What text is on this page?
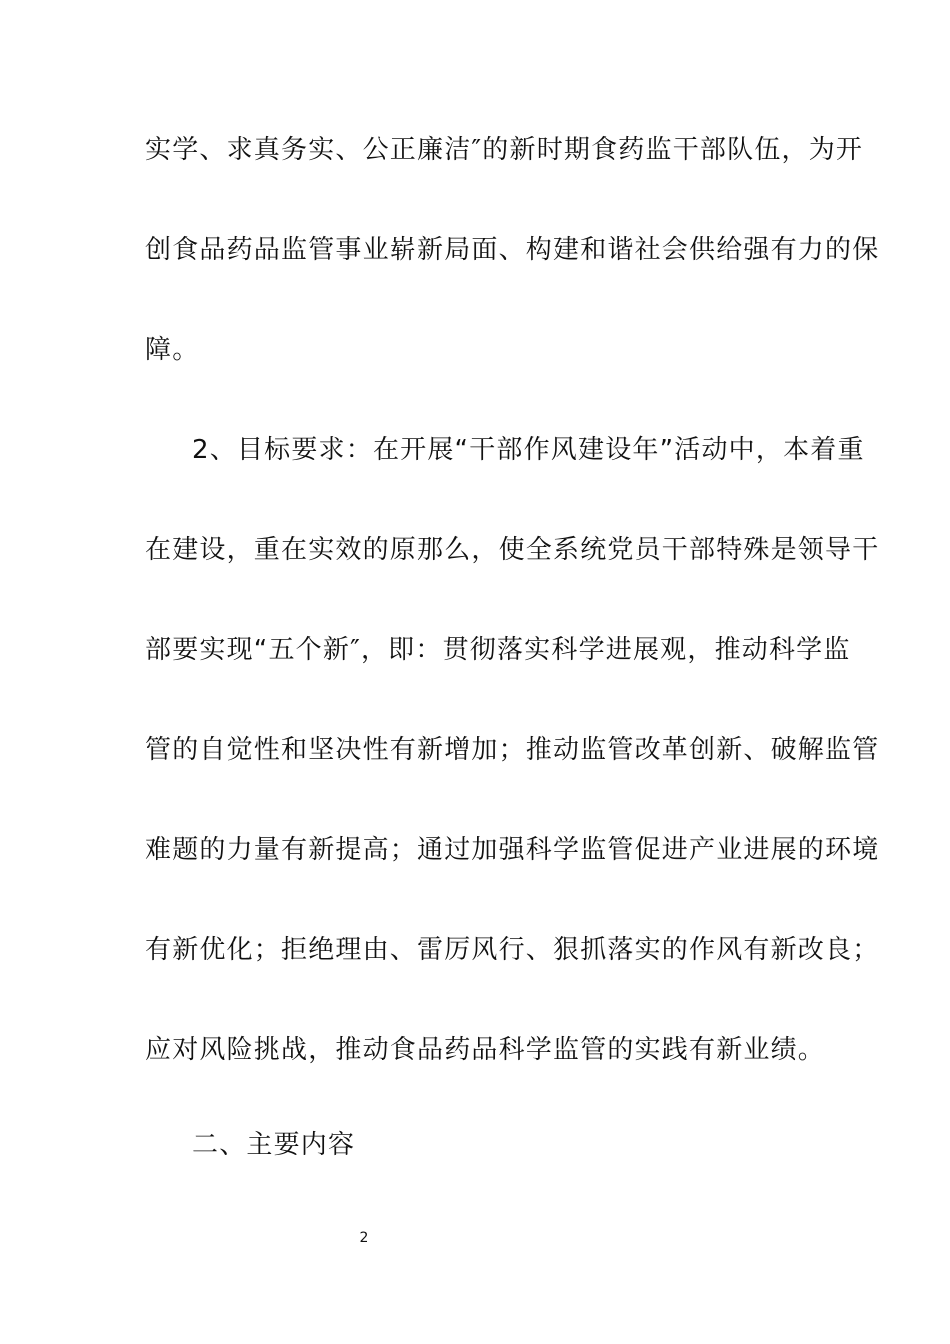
实学、求真务实、公正廉洁″的新时期食药监干部队伍，为开
创食品药品监管事业崭新局面、构建和谐社会供给强有力的保
障。
2、目标要求：在开展“干部作风建设年”活动中，本着重
在建设，重在实效的原那么，使全系统党员干部特殊是领导干
部要实现“五个新″，即：贯彻落实科学进展观，推动科学监
管的自觉性和坚决性有新增加；推动监管改革创新、破解监管
难题的力量有新提高；通过加强科学监管促进产业进展的环境
有新优化；拒绝理由、雷厉风行、狠抓落实的作风有新改良；
应对风险挑战，推动食品药品科学监管的实践有新业绩。
二、主要内容
2
